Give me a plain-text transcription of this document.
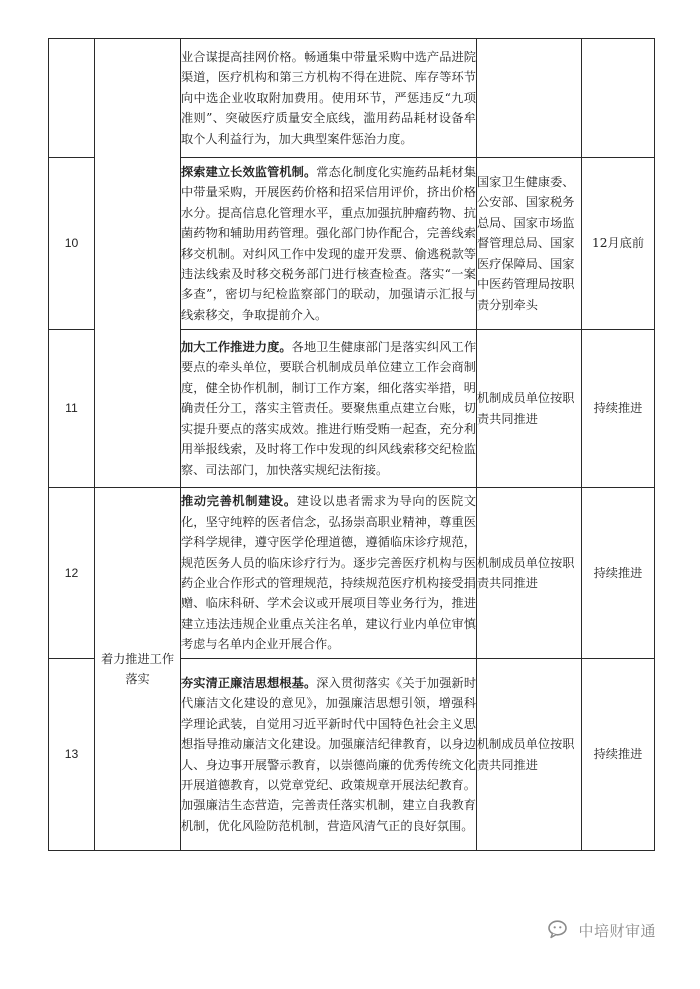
		业合谋提高挂网价格。畅通集中带量采购中选产品进院渠道，医疗机构和第三方机构不得在进院、库存等环节向中选企业收取附加费用。使用环节，严惩违反“九项准则”、突破医疗质量安全底线，滥用药品耗材设备牟取个人利益行为，加大典型案件惩治力度。		
10		探索建立长效监管机制。常态化制度化实施药品耗材集中带量采购，开展医药价格和招采信用评价，挤出价格水分。提高信息化管理水平，重点加强抗肿瘤药物、抗菌药物和辅助用药管理。强化部门协作配合，完善线索移交机制。对纠风工作中发现的虚开发票、偷逃税款等违法线索及时移交税务部门进行核查检查。落实“一案多查”，密切与纪检监察部门的联动，加强请示汇报与线索移交，争取提前介入。	国家卫生健康委、公安部、国家税务总局、国家市场监督管理总局、国家医疗保障局、国家中医药管理局按职责分别牵头	12月底前
11		加大工作推进力度。各地卫生健康部门是落实纠风工作要点的牵头单位，要联合机制成员单位建立工作会商制度，健全协作机制，制订工作方案，细化落实举措，明确责任分工，落实主管责任。要聚焦重点建立台账，切实提升要点的落实成效。推进行贿受贿一起查，充分利用举报线索，及时将工作中发现的纠风线索移交纪检监察、司法部门，加快落实规纪法衔接。	机制成员单位按职责共同推进	持续推进
12	着力推进工作落实	推动完善机制建设。建设以患者需求为导向的医院文化，坚守纯粹的医者信念，弘扬崇高职业精神，尊重医学科学规律，遵守医学伦理道德，遵循临床诊疗规范，规范医务人员的临床诊疗行为。逐步完善医疗机构与医药企业合作形式的管理规范，持续规范医疗机构接受捐赠、临床科研、学术会议或开展项目等业务行为，推进建立违法违规企业重点关注名单，建议行业内单位审慎考虑与名单内企业开展合作。	机制成员单位按职责共同推进	持续推进
13		夯实清正廉洁思想根基。深入贯彻落实《关于加强新时代廉洁文化建设的意见》，加强廉洁思想引领，增强科学理论武装，自觉用习近平新时代中国特色社会主义思想指导推动廉洁文化建设。加强廉洁纪律教育，以身边人、身边事开展警示教育，以崇德尚廉的优秀传统文化开展道德教育，以党章党纪、政策规章开展法纪教育。加强廉洁生态营造，完善责任落实机制，建立自我教育机制，优化风险防范机制，营造风清气正的良好氛围。	机制成员单位按职责共同推进	持续推进
中培财审通
